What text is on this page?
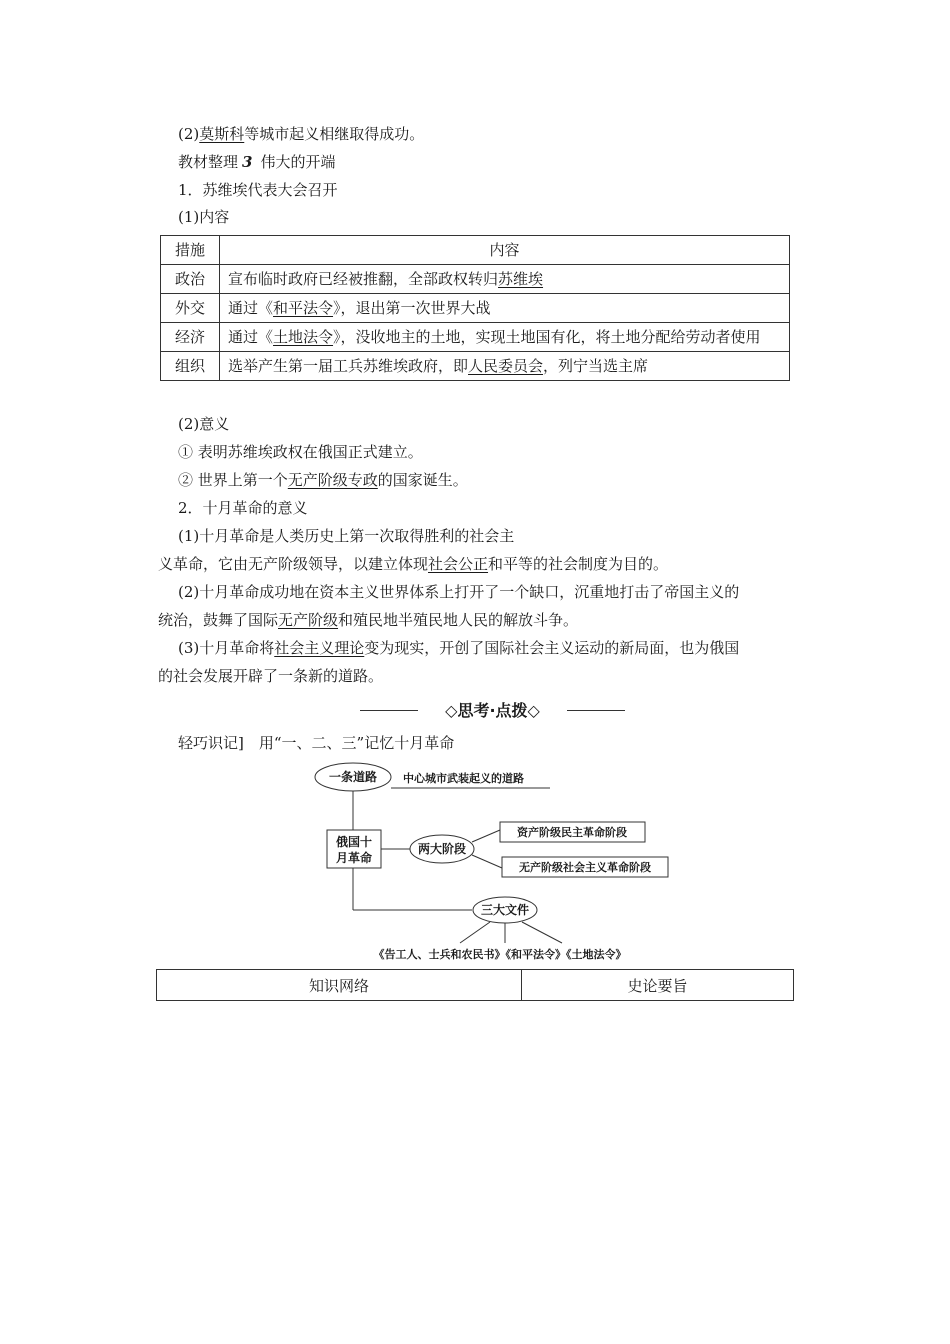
(2)莫斯科等城市起义相继取得成功。
教材整理 3 伟大的开端
1．苏维埃代表大会召开
(1)内容
措施	内容
政治	宣布临时政府已经被推翻，全部政权转归苏维埃
外交	通过《和平法令》，退出第一次世界大战
经济	通过《土地法令》，没收地主的土地，实现土地国有化，将土地分配给劳动者使用
组织	选举产生第一届工兵苏维埃政府，即人民委员会，列宁当选主席
(2)意义
① 表明苏维埃政权在俄国正式建立。
② 世界上第一个无产阶级专政的国家诞生。
2．十月革命的意义
(1)十月革命是人类历史上第一次取得胜利的社会主
义革命，它由无产阶级领导，以建立体现社会公正和平等的社会制度为目的。
(2)十月革命成功地在资本主义世界体系上打开了一个缺口，沉重地打击了帝国主义的
统治，鼓舞了国际无产阶级和殖民地半殖民地人民的解放斗争。
(3)十月革命将社会主义理论变为现实，开创了国际社会主义运动的新局面，也为俄国
的社会发展开辟了一条新的道路。
◇思考·点拨◇
轻巧识记]　用“一、二、三”记忆十月革命
一条道路 中心城市武装起义的道路
俄国十
月革命
两大阶段
资产阶级民主革命阶段
无产阶级社会主义革命阶段
三大文件
《告工人、士兵和农民书》《和平法令》《土地法令》
知识网络	史论要旨
